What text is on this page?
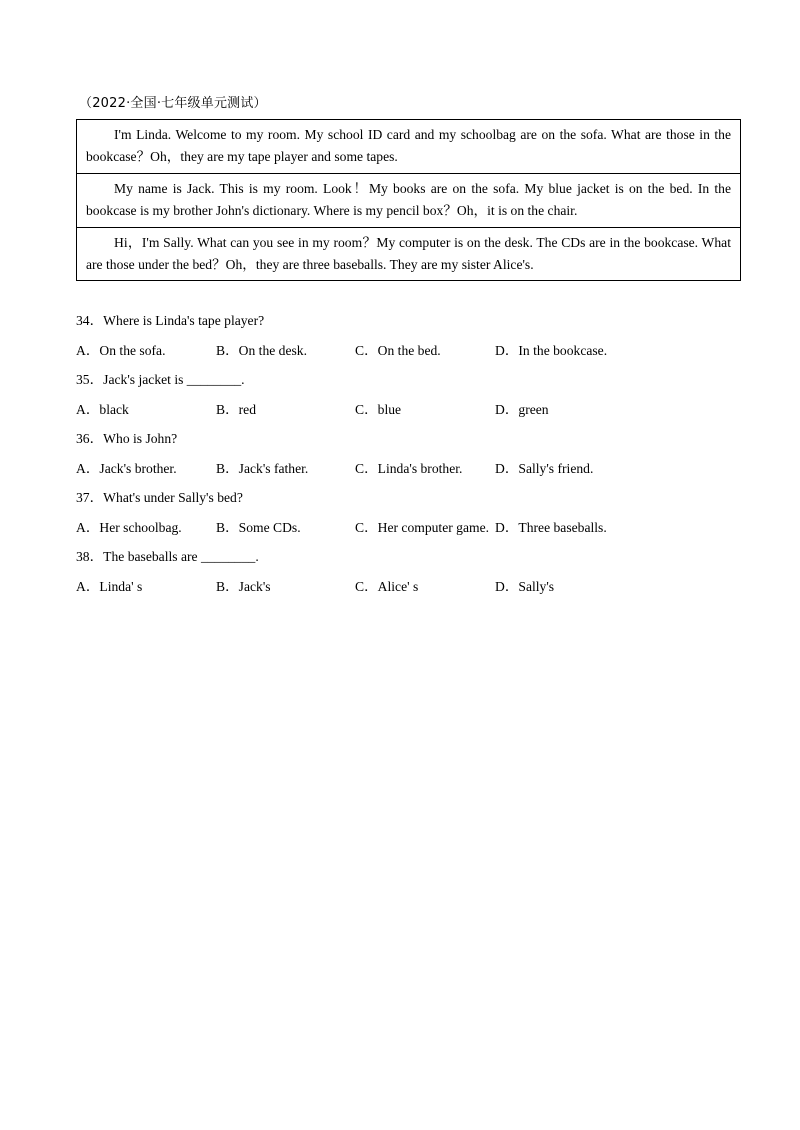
（2022·全国·七年级单元测试）
I'm Linda. Welcome to my room. My school ID card and my schoolbag are on the sofa. What are those in the bookcase？Oh，they are my tape player and some tapes.
My name is Jack. This is my room. Look！My books are on the sofa. My blue jacket is on the bed. In the bookcase is my brother John's dictionary. Where is my pencil box？Oh，it is on the chair.
Hi，I'm Sally. What can you see in my room？My computer is on the desk. The CDs are in the bookcase. What are those under the bed？Oh，they are three baseballs. They are my sister Alice's.
34．Where is Linda's tape player?
A．On the sofa.	B．On the desk.	C．On the bed.	D．In the bookcase.
35．Jack's jacket is ________.
A．black	B．red	C．blue	D．green
36．Who is John?
A．Jack's brother.	B．Jack's father.	C．Linda's brother. D．Sally's friend.
37．What's under Sally's bed?
A．Her schoolbag.	B．Some CDs.	C．Her computer game. D．Three baseballs.
38．The baseballs are ________.
A．Linda' s	B．Jack's	C．Alice' s	D．Sally's
